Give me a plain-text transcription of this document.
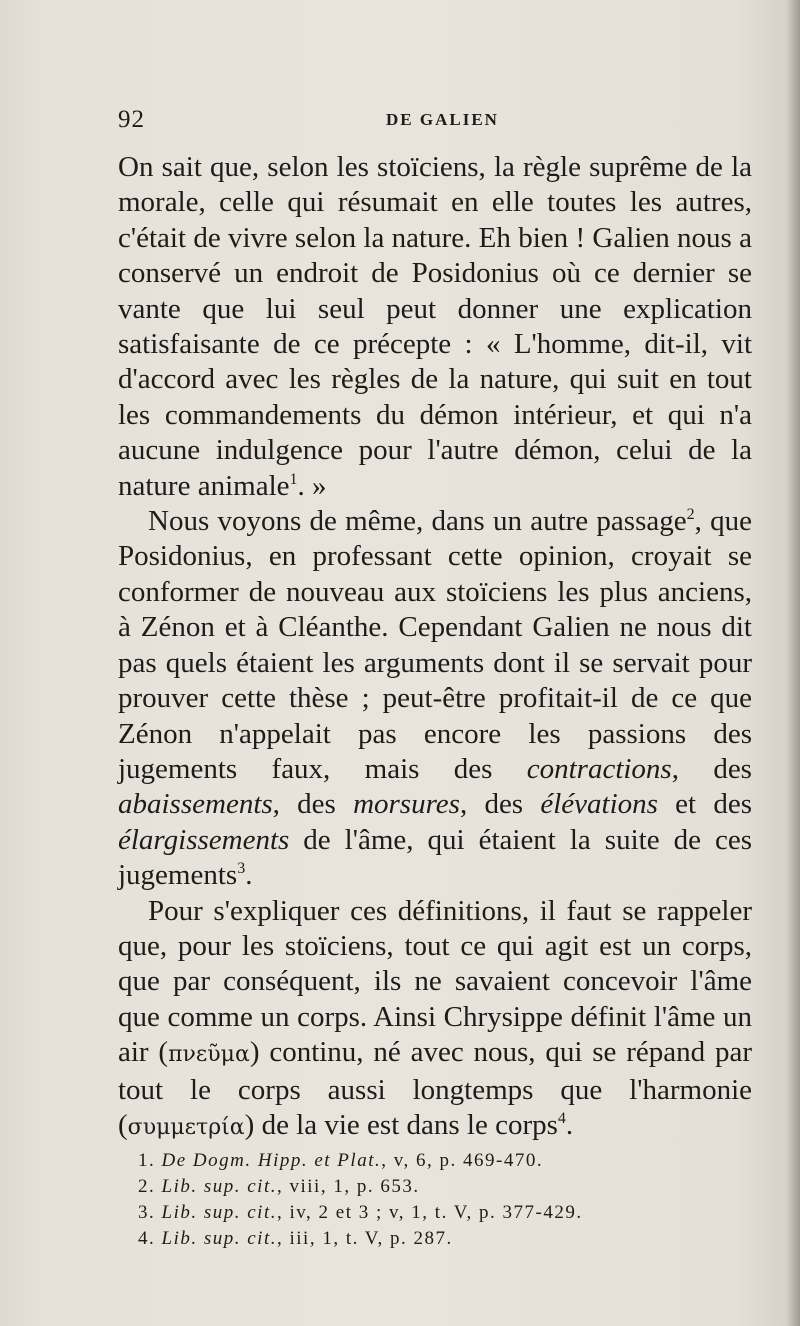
92	DE GALIEN

On sait que, selon les stoïciens, la règle suprême de la morale, celle qui résumait en elle toutes les autres, c'était de vivre selon la nature. Eh bien ! Galien nous a conservé un endroit de Posidonius où ce dernier se vante que lui seul peut donner une explication satisfaisante de ce précepte : « L'homme, dit-il, vit d'accord avec les règles de la nature, qui suit en tout les commandements du démon intérieur, et qui n'a aucune indulgence pour l'autre démon, celui de la nature animale$^1$. »

Nous voyons de même, dans un autre passage$^2$, que Posidonius, en professant cette opinion, croyait se conformer de nouveau aux stoïciens les plus anciens, à Zénon et à Cléanthe. Cependant Galien ne nous dit pas quels étaient les arguments dont il se servait pour prouver cette thèse ; peut-être profitait-il de ce que Zénon n'appelait pas encore les passions des jugements faux, mais des contractions, des abaissements, des morsures, des élévations et des élargissements de l'âme, qui étaient la suite de ces jugements$^3$.

Pour s'expliquer ces définitions, il faut se rappeler que, pour les stoïciens, tout ce qui agit est un corps, que par conséquent, ils ne savaient concevoir l'âme que comme un corps. Ainsi Chrysippe définit l'âme un air (πνεῦμα) continu, né avec nous, qui se répand par tout le corps aussi longtemps que l'harmonie (συμμετρία) de la vie est dans le corps$^4$.

1. De Dogm. Hipp. et Plat., v, 6, p. 469-470.
2. Lib. sup. cit., viii, 1, p. 653.
3. Lib. sup. cit., iv, 2 et 3 ; v, 1, t. V, p. 377-429.
4. Lib. sup. cit., iii, 1, t. V, p. 287.
